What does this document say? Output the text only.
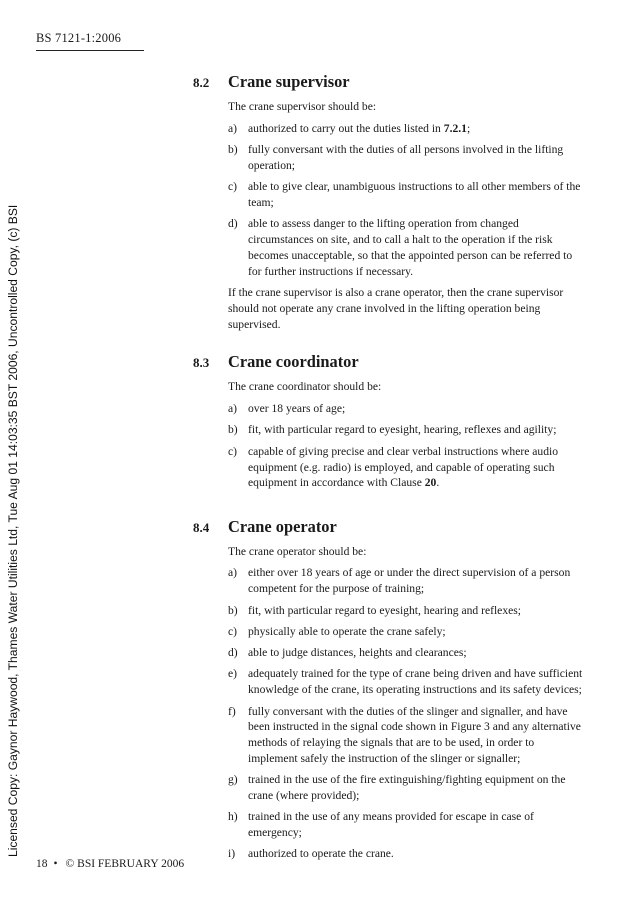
BS 7121-1:2006
Licensed Copy: Gaynor Haywood, Thames Water Utilities Ltd, Tue Aug 01 14:03:35 BST 2006, Uncontrolled Copy, (c) BSI
8.2	Crane supervisor
The crane supervisor should be:
a) authorized to carry out the duties listed in 7.2.1;
b) fully conversant with the duties of all persons involved in the lifting operation;
c) able to give clear, unambiguous instructions to all other members of the team;
d) able to assess danger to the lifting operation from changed circumstances on site, and to call a halt to the operation if the risk becomes unacceptable, so that the appointed person can be referred to for further instructions if necessary.
If the crane supervisor is also a crane operator, then the crane supervisor should not operate any crane involved in the lifting operation being supervised.
8.3	Crane coordinator
The crane coordinator should be:
a) over 18 years of age;
b) fit, with particular regard to eyesight, hearing, reflexes and agility;
c) capable of giving precise and clear verbal instructions where audio equipment (e.g. radio) is employed, and capable of operating such equipment in accordance with Clause 20.
8.4	Crane operator
The crane operator should be:
a) either over 18 years of age or under the direct supervision of a person competent for the purpose of training;
b) fit, with particular regard to eyesight, hearing and reflexes;
c) physically able to operate the crane safely;
d) able to judge distances, heights and clearances;
e) adequately trained for the type of crane being driven and have sufficient knowledge of the crane, its operating instructions and its safety devices;
f)	fully conversant with the duties of the slinger and signaller, and have been instructed in the signal code shown in Figure 3 and any alternative methods of relaying the signals that are to be used, in order to implement safely the instruction of the slinger or signaller;
g) trained in the use of the fire extinguishing/fighting equipment on the crane (where provided);
h) trained in the use of any means provided for escape in case of emergency;
i)	authorized to operate the crane.
18 • © BSI FEBRUARY 2006
